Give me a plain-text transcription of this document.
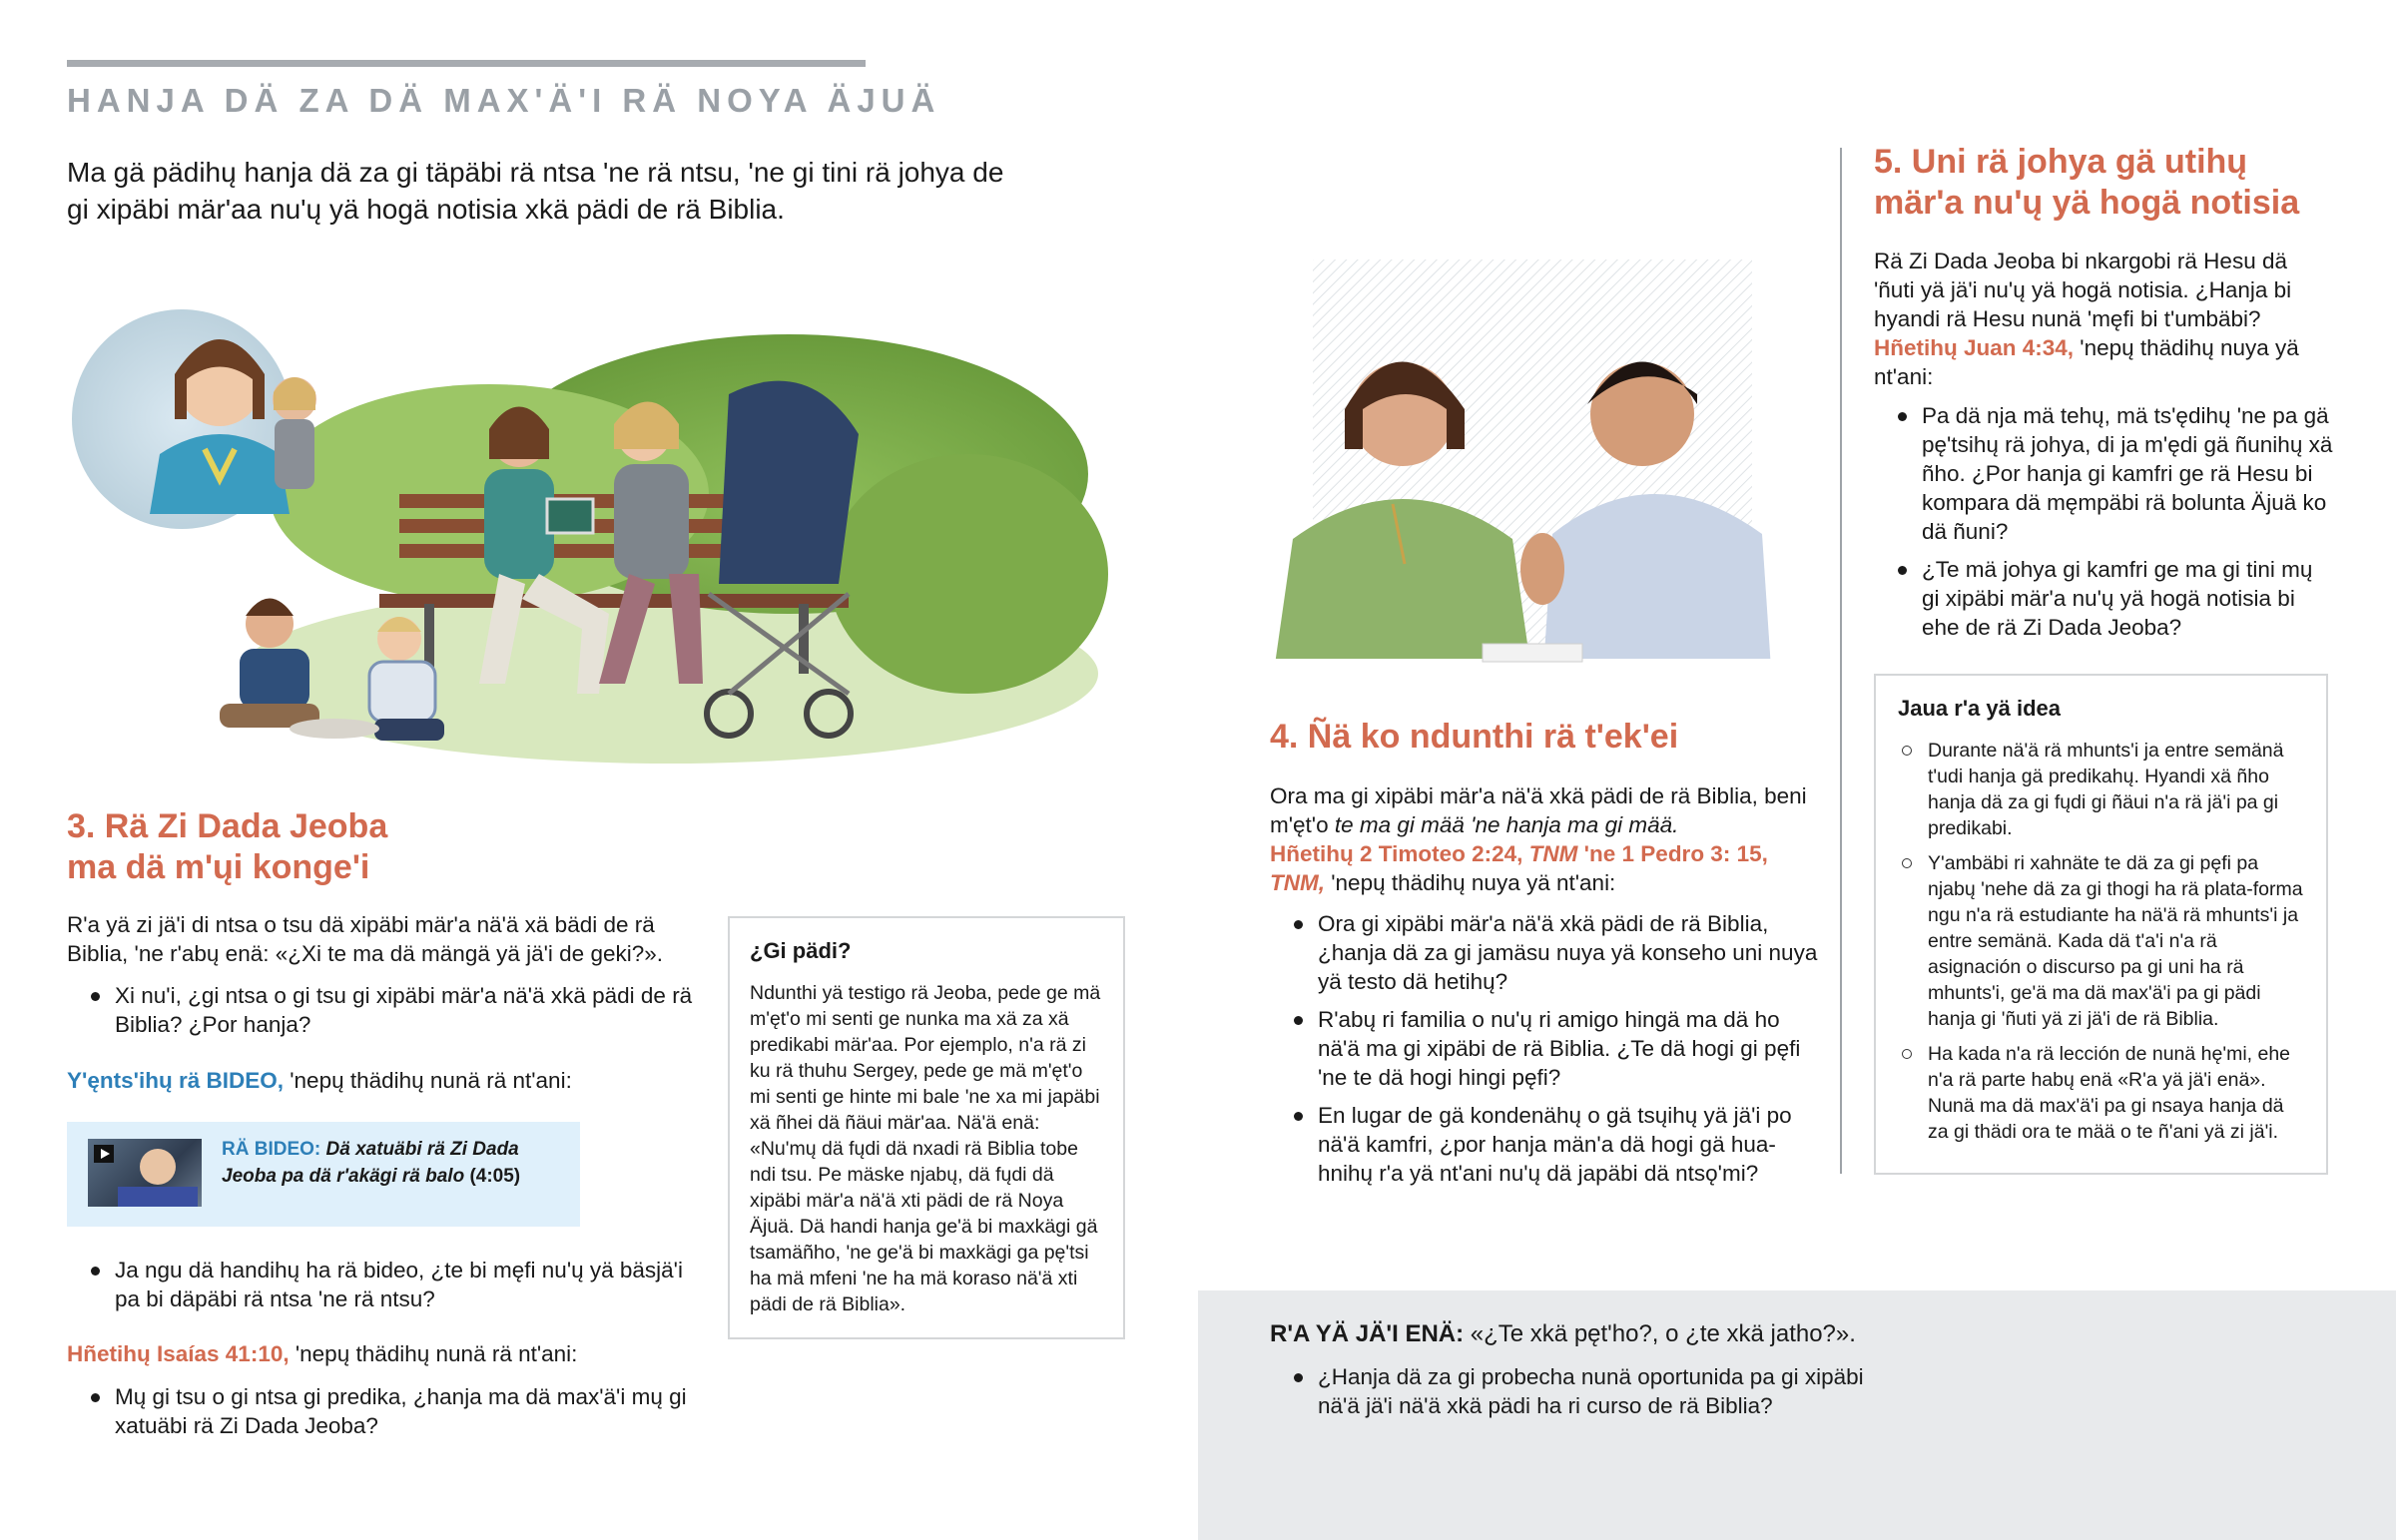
HANJA DÄ ZA DÄ MAX'Ä'I RÄ NOYA ÄJUÄ
Ma gä pädihų hanja dä za gi täpäbi rä ntsa 'ne rä ntsu, 'ne gi tini rä johya de gi xipäbi mär'aa nu'ų yä hogä notisia xkä pädi de rä Biblia.
3. Rä Zi Dada Jeoba
ma dä m'ųi konge'i
R'a yä zi jä'i di ntsa o tsu dä xipäbi mär'a nä'ä xä bädi de rä Biblia, 'ne r'abų enä: «¿Xi te ma dä mängä yä jä'i de geki?».
Xi nu'i, ¿gi ntsa o gi tsu gi xipäbi mär'a nä'ä xkä pädi de rä Biblia? ¿Por hanja?
Y'ęnts'ihų rä BIDEO, 'nepų thädihų nunä rä nt'ani:
RÄ BIDEO: Dä xatuäbi rä Zi Dada Jeoba pa dä r'akägi rä balo (4:05)
Ja ngu dä handihų ha rä bideo, ¿te bi męfi nu'ų yä bäsjä'i pa bi däpäbi rä ntsa 'ne rä ntsu?
Hñetihų Isaías 41:10, 'nepų thädihų nunä rä nt'ani:
Mų gi tsu o gi ntsa gi predika, ¿hanja ma dä max'ä'i mų gi xatuäbi rä Zi Dada Jeoba?
¿Gi pädi?
Ndunthi yä testigo rä Jeoba, pede ge mä m'ęt'o mi senti ge nunka ma xä za xä predikabi mär'aa. Por ejemplo, n'a rä zi ku rä thuhu Sergey, pede ge mä m'ęt'o mi senti ge hinte mi bale 'ne xa mi japäbi xä ñhei dä ñäui mär'aa. Nä'ä enä: «Nu'mų dä fųdi dä nxadi rä Biblia tobe ndi tsu. Pe mäske njabų, dä fųdi dä xipäbi mär'a nä'ä xti pädi de rä Noya Äjuä. Dä handi hanja ge'ä bi maxkägi gä tsamäñho, 'ne ge'ä bi maxkägi ga pę'tsi ha mä mfeni 'ne ha mä koraso nä'ä xti pädi de rä Biblia».
4. Ñä ko ndunthi rä t'ek'ei
Ora ma gi xipäbi mär'a nä'ä xkä pädi de rä Biblia, beni m'ęt'o te ma gi mää 'ne hanja ma gi mää.
Hñetihų 2 Timoteo 2:24, TNM 'ne 1 Pedro 3: 15, TNM, 'nepų thädihų nuya yä nt'ani:
Ora gi xipäbi mär'a nä'ä xkä pädi de rä Biblia, ¿hanja dä za gi jamäsu nuya yä konseho uni nuya yä testo dä hetihų?
R'abų ri familia o nu'ų ri amigo hingä ma dä ho nä'ä ma gi xipäbi de rä Biblia. ¿Te dä hogi gi pęfi 'ne te dä hogi hingi pęfi?
En lugar de gä kondenähų o gä tsųihų yä jä'i po nä'ä kamfri, ¿por hanja män'a dä hogi gä hua-hnihų r'a yä nt'ani nu'ų dä japäbi dä ntsǫ'mi?
5. Uni rä johya gä utihų
mär'a nu'ų yä hogä notisia
Rä Zi Dada Jeoba bi nkargobi rä Hesu dä 'ñuti yä jä'i nu'ų yä hogä notisia. ¿Hanja bi hyandi rä Hesu nunä 'męfi bi t'umbäbi? Hñetihų Juan 4:34, 'nepų thädihų nuya yä nt'ani:
Pa dä nja mä tehų, mä ts'ędihų 'ne pa gä pę'tsihų rä johya, di ja m'ędi gä ñunihų xä ñho. ¿Por hanja gi kamfri ge rä Hesu bi kompara dä męmpäbi rä bolunta Äjuä ko dä ñuni?
¿Te mä johya gi kamfri ge ma gi tini mų gi xipäbi mär'a nu'ų yä hogä notisia bi ehe de rä Zi Dada Jeoba?
Jaua r'a yä idea
Durante nä'ä rä mhunts'i ja entre semänä t'udi hanja gä predikahų. Hyandi xä ñho hanja dä za gi fųdi gi ñäui n'a rä jä'i pa gi predikabi.
Y'ambäbi ri xahnäte te dä za gi pęfi pa njabų 'nehe dä za gi thogi ha rä plata-forma ngu n'a rä estudiante ha nä'ä rä mhunts'i ja entre semänä. Kada dä t'a'i n'a rä asignación o discurso pa gi uni ha rä mhunts'i, ge'ä ma dä max'ä'i pa gi pädi hanja gi 'ñuti yä zi jä'i de rä Biblia.
Ha kada n'a rä lección de nunä hę'mi, ehe n'a rä parte habų enä «R'a yä jä'i enä». Nunä ma dä max'ä'i pa gi nsaya hanja dä za gi thädi ora te mää o te ñ'ani yä zi jä'i.
R'A YÄ JÄ'I ENÄ: «¿Te xkä pęt'ho?, o ¿te xkä jatho?».
¿Hanja dä za gi probecha nunä oportunida pa gi xipäbi nä'ä jä'i nä'ä xkä pädi ha ri curso de rä Biblia?
